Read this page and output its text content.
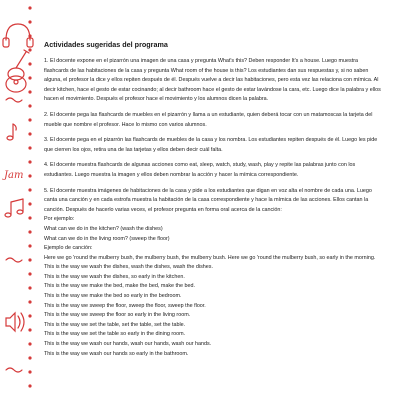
Jam
Actividades sugeridas del programa
1. El docente expone en el pizarrón una imagen de una casa y pregunta What's this? Deben responder It's a house. Luego muestra flashcards de las habitaciones de la casa y pregunta What room of the house is this? Los estudiantes dan sus respuestas y, si no saben alguna, el profesor la dice y ellos repiten después de él. Después vuelve a decir las habitaciones, pero esta vez las relaciona con mímica. Al decir kitchen, hace el gesto de estar cocinando; al decir bathroom hace el gesto de estar lavándose la cara, etc. Luego dice la palabra y ellos hacen el movimiento. Después el profesor hace el movimiento y los alumnos dicen la palabra.
2. El docente pega las flashcards de muebles en el pizarrón y llama a un estudiante, quien deberá tocar con un matamoscas la tarjeta del mueble que nombre el profesor. Hace lo mismo con varios alumnos.
3. El docente pega en el pizarrón las flashcards de muebles de la casa y los nombra. Los estudiantes repiten después de él. Luego les pide que cierren los ojos, retira una de las tarjetas y ellos deben decir cuál falta.
4. El docente muestra flashcards de algunas acciones como eat, sleep, watch, study, wash, play y repite las palabras junto con los estudiantes. Luego muestra la imagen y ellos deben nombrar la acción y hacer la mímica correspondiente.
5. El docente muestra imágenes de habitaciones de la casa y pide a los estudiantes que digan en voz alta el nombre de cada una. Luego canta una canción y en cada estrofa muestra la habitación de la casa correspondiente y hace la mímica de las acciones. Ellos cantan la canción. Después de hacerlo varias veces, el profesor pregunta en forma oral acerca de la canción:
Por ejemplo:
What can we do in the kitchen? (wash the dishes)
What can we do in the living room? (sweep the floor)
Ejemplo de canción:
Here we go 'round the mulberry bush, the mulberry bush, the mulberry bush. Here we go 'round the mulberry bush, so early in the morning.
This is the way we wash the dishes, wash the dishes, wash the dishes.
This is the way we wash the dishes, so early in the kitchen.
This is the way we make the bed, make the bed, make the bed.
This is the way we make the bed so early in the bedroom.
This is the way we sweep the floor, sweep the floor, sweep the floor.
This is the way we sweep the floor so early in the living room.
This is the way we set the table, set the table, set the table.
This is the way we set the table so early in the dining room.
This is the way we wash our hands, wash our hands, wash our hands.
This is the way we wash our hands so early in the bathroom.
